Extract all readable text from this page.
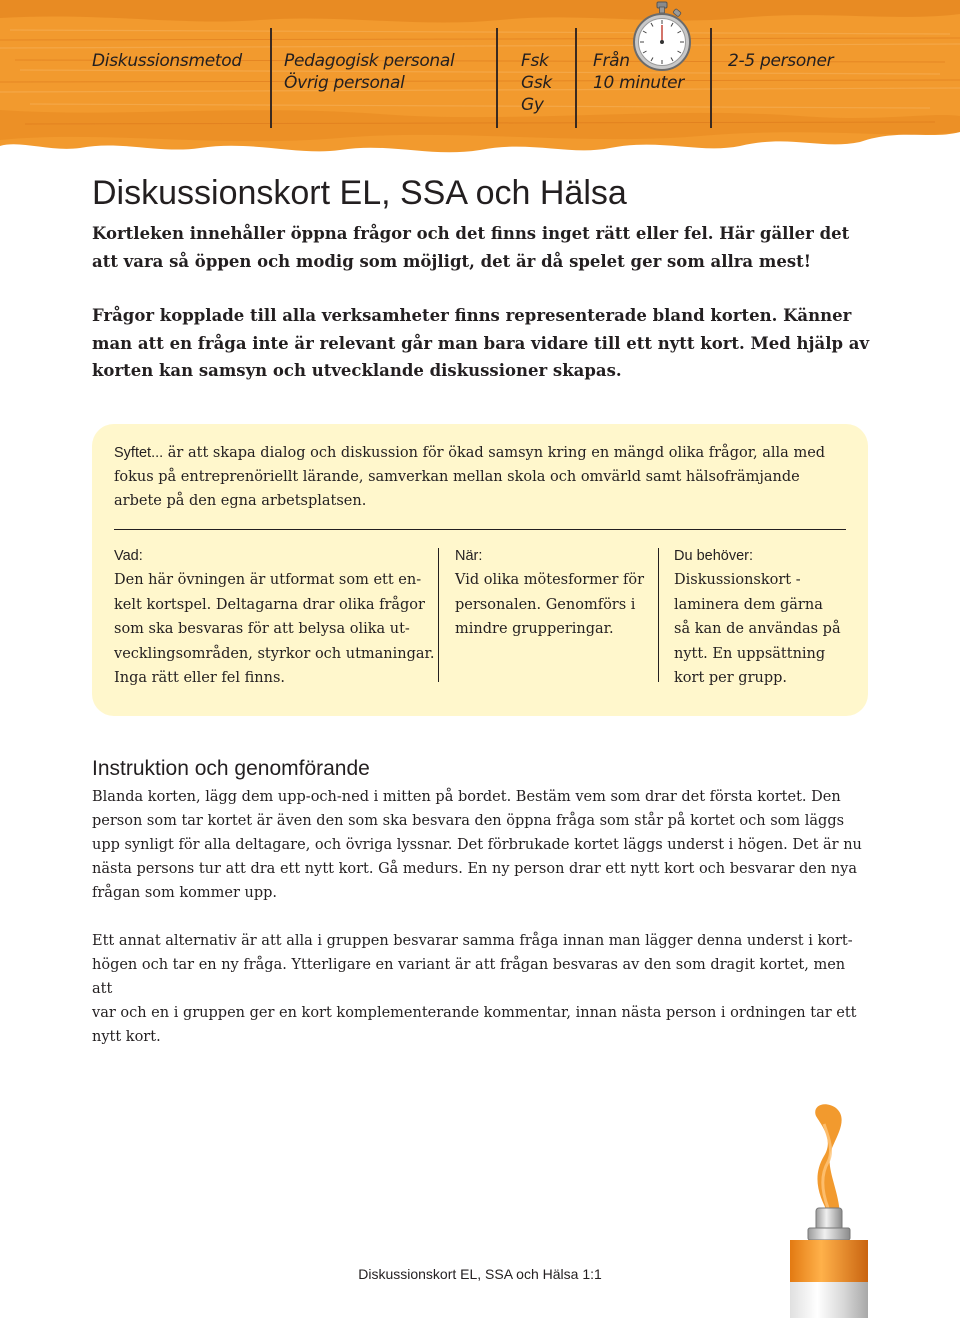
Diskussionsmetod Pedagogisk personal
Övrig personal
Fsk
Gsk
Gy
Från
10 minuter
2-5 personer
Diskussionskort EL, SSA och Hälsa

Kortleken innehåller öppna frågor och det finns inget rätt eller fel. Här gäller det att vara så öppen och modig som möjligt, det är då spelet ger som allra mest!

Frågor kopplade till alla verksamheter finns representerade bland korten. Känner man att en fråga inte är relevant går man bara vidare till ett nytt kort. Med hjälp av korten kan samsyn och utvecklande diskussioner skapas.

Syftet... är att skapa dialog och diskussion för ökad samsyn kring en mängd olika frågor, alla med fokus på entreprenöriellt lärande, samverkan mellan skola och omvärld samt hälsofrämjande arbete på den egna arbetsplatsen.

Vad:

Den här övningen är utformat som ett en-
kelt kortspel. Deltagarna drar olika frågor
som ska besvaras för att belysa olika ut-
vecklingsområden, styrkor och utmaningar.
Inga rätt eller fel finns.

När:

Vid olika mötesformer för
personalen. Genomförs i
mindre grupperingar.

Du behöver:

Diskussionskort -
laminera dem gärna
så kan de användas på
nytt. En uppsättning
kort per grupp.

Instruktion och genomförande

Blanda korten, lägg dem upp-och-ned i mitten på bordet. Bestäm vem som drar det första kortet. Den
person som tar kortet är även den som ska besvara den öppna fråga som står på kortet och som läggs
upp synligt för alla deltagare, och övriga lyssnar. Det förbrukade kortet läggs underst i högen. Det är nu
nästa persons tur att dra ett nytt kort. Gå medurs. En ny person drar ett nytt kort och besvarar den nya
frågan som kommer upp.

Ett annat alternativ är att alla i gruppen besvarar samma fråga innan man lägger denna underst i kort-
högen och tar en ny fråga. Ytterligare en variant är att frågan besvaras av den som dragit kortet, men att
var och en i gruppen ger en kort komplementerande kommentar, innan nästa person i ordningen tar ett
nytt kort.

Diskussionskort EL, SSA och Hälsa 1:1
